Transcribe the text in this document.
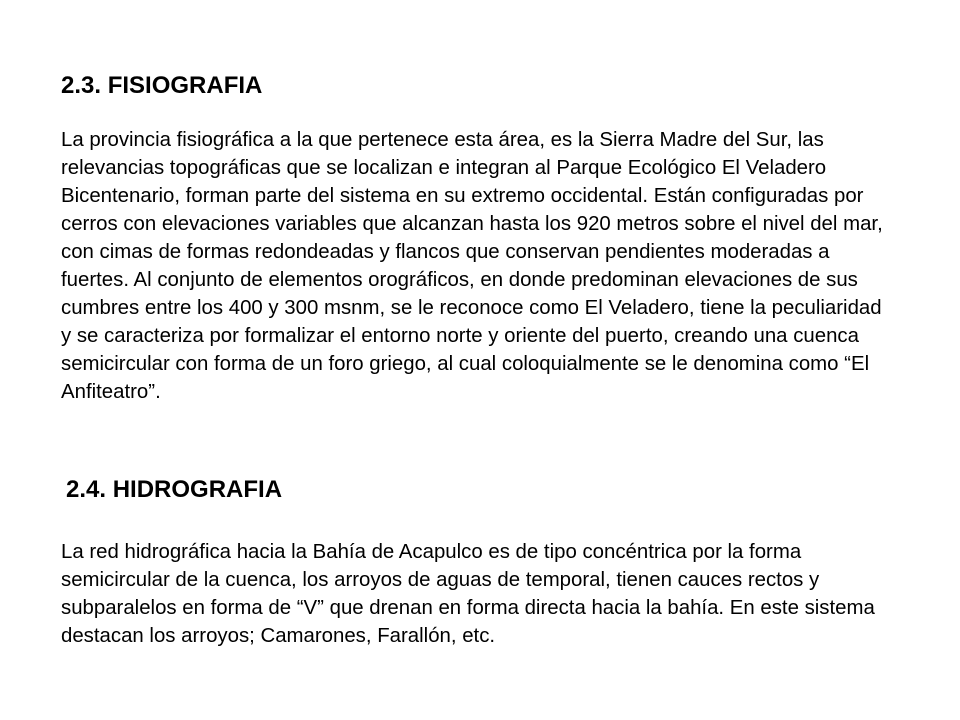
2.3. FISIOGRAFIA

La provincia fisiográfica a la que pertenece esta área, es la Sierra Madre del Sur, las relevancias topográficas que se localizan e integran al Parque Ecológico El Veladero Bicentenario, forman parte del sistema en su extremo occidental. Están configuradas por cerros con elevaciones variables que alcanzan hasta los 920 metros sobre el nivel del mar, con cimas de formas redondeadas y flancos que conservan pendientes moderadas a fuertes. Al conjunto de elementos orográficos, en donde predominan elevaciones de sus cumbres entre los 400 y 300 msnm, se le reconoce como El Veladero, tiene la peculiaridad y se caracteriza por formalizar el entorno norte y oriente del puerto, creando una cuenca semicircular con forma de un foro griego, al cual coloquialmente se le denomina como “El Anfiteatro”.

2.4. HIDROGRAFIA

La red hidrográfica hacia la Bahía de Acapulco es de tipo concéntrica por la forma semicircular de la cuenca, los arroyos de aguas de temporal, tienen cauces rectos y subparalelos en forma de “V” que drenan en forma directa hacia la bahía. En este sistema destacan los arroyos; Camarones, Farallón, etc.
